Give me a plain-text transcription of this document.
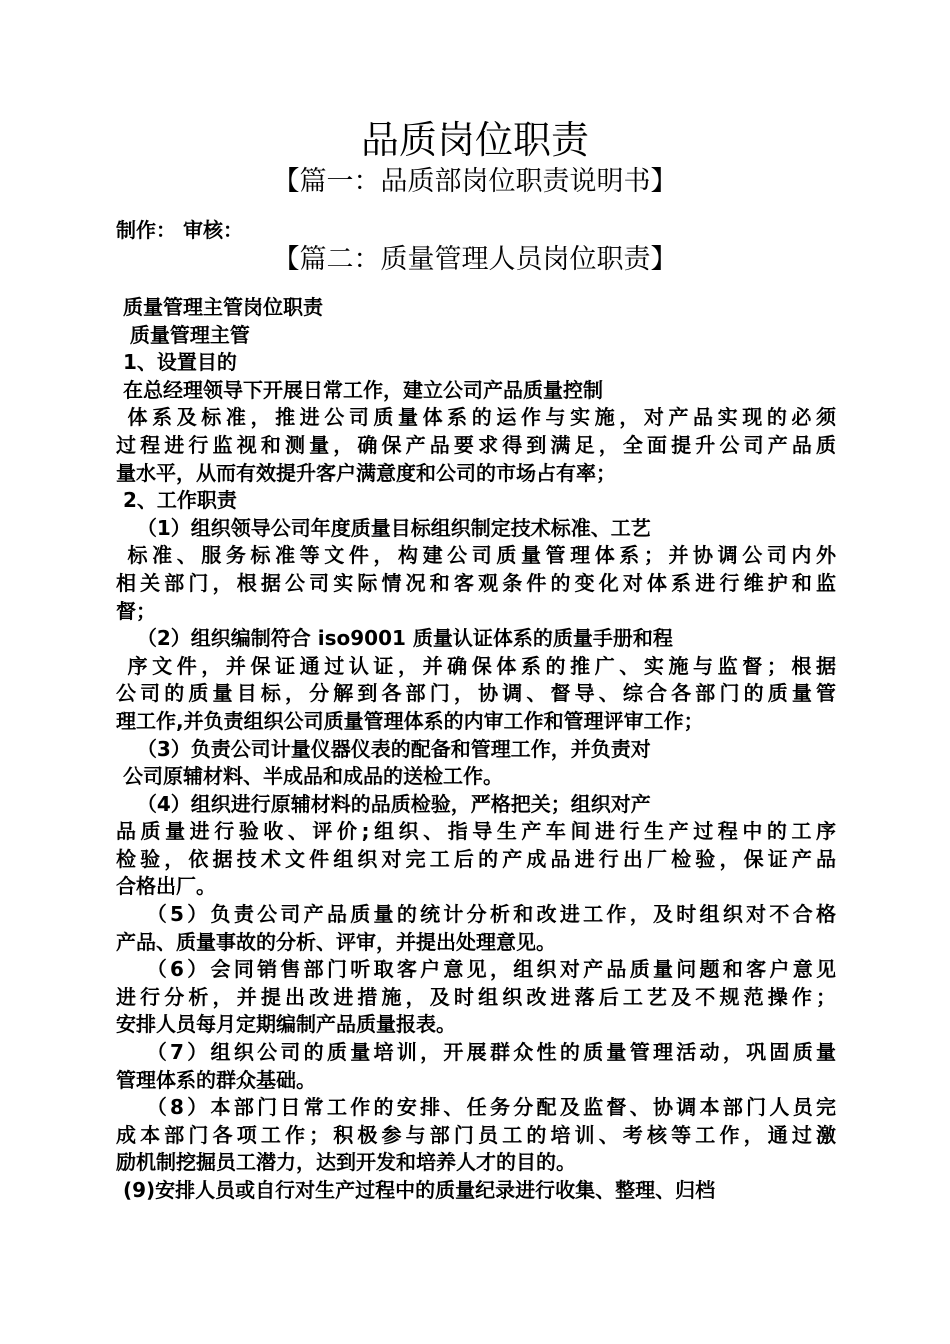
品质岗位职责
【篇一：品质部岗位职责说明书】
制作： 审核：
【篇二：质量管理人员岗位职责】
质量管理主管岗位职责
质量管理主管
1、设置目的
在总经理领导下开展日常工作，建立公司产品质量控制
体系及标准，推进公司质量体系的运作与实施，对产品实现的必须
过程进行监视和测量，确保产品要求得到满足，全面提升公司产品质
量水平，从而有效提升客户满意度和公司的市场占有率；
2、工作职责
（1）组织领导公司年度质量目标组织制定技术标准、工艺
标准、服务标准等文件，构建公司质量管理体系；并协调公司内外
相关部门，根据公司实际情况和客观条件的变化对体系进行维护和监
督；
（2）组织编制符合 iso9001 质量认证体系的质量手册和程
序文件，并保证通过认证，并确保体系的推广、实施与监督；根据
公司的质量目标，分解到各部门，协调、督导、综合各部门的质量管
理工作,并负责组织公司质量管理体系的内审工作和管理评审工作；
（3）负责公司计量仪器仪表的配备和管理工作，并负责对
公司原辅材料、半成品和成品的送检工作。
（4）组织进行原辅材料的品质检验，严格把关；组织对产
品质量进行验收、评价;组织、指导生产车间进行生产过程中的工序
检验，依据技术文件组织对完工后的产成品进行出厂检验，保证产品
合格出厂。
（5）负责公司产品质量的统计分析和改进工作，及时组织对不合格
产品、质量事故的分析、评审，并提出处理意见。
（6）会同销售部门听取客户意见，组织对产品质量问题和客户意见
进行分析，并提出改进措施，及时组织改进落后工艺及不规范操作；
安排人员每月定期编制产品质量报表。
（7）组织公司的质量培训，开展群众性的质量管理活动，巩固质量
管理体系的群众基础。
（8）本部门日常工作的安排、任务分配及监督、协调本部门人员完
成本部门各项工作；积极参与部门员工的培训、考核等工作，通过激
励机制挖掘员工潜力，达到开发和培养人才的目的。
(9)安排人员或自行对生产过程中的质量纪录进行收集、整理、归档
